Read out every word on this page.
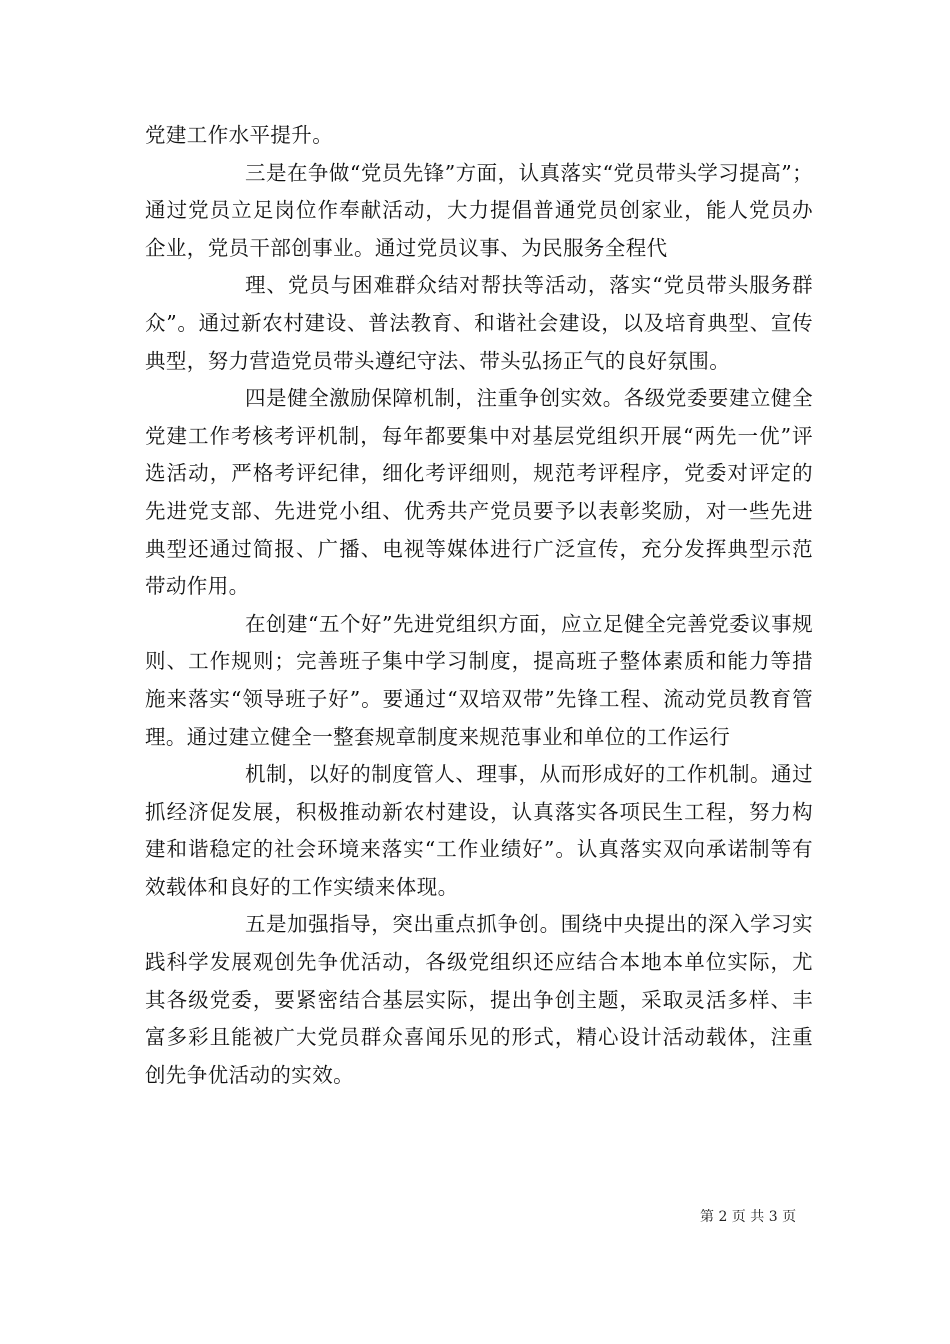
党建工作水平提升。

三是在争做“党员先锋”方面，认真落实“党员带头学习提高”；通过党员立足岗位作奉献活动，大力提倡普通党员创家业，能人党员办企业，党员干部创事业。通过党员议事、为民服务全程代

理、党员与困难群众结对帮扶等活动，落实“党员带头服务群众”。通过新农村建设、普法教育、和谐社会建设，以及培育典型、宣传典型，努力营造党员带头遵纪守法、带头弘扬正气的良好氛围。

四是健全激励保障机制，注重争创实效。各级党委要建立健全党建工作考核考评机制，每年都要集中对基层党组织开展“两先一优”评选活动，严格考评纪律，细化考评细则，规范考评程序，党委对评定的先进党支部、先进党小组、优秀共产党员要予以表彰奖励，对一些先进典型还通过简报、广播、电视等媒体进行广泛宣传，充分发挥典型示范带动作用。

在创建“五个好”先进党组织方面，应立足健全完善党委议事规则、工作规则；完善班子集中学习制度，提高班子整体素质和能力等措施来落实“领导班子好”。要通过“双培双带”先锋工程、流动党员教育管理。通过建立健全一整套规章制度来规范事业和单位的工作运行

机制，以好的制度管人、理事，从而形成好的工作机制。通过抓经济促发展，积极推动新农村建设，认真落实各项民生工程，努力构建和谐稳定的社会环境来落实“工作业绩好”。认真落实双向承诺制等有效载体和良好的工作实绩来体现。

五是加强指导，突出重点抓争创。围绕中央提出的深入学习实践科学发展观创先争优活动，各级党组织还应结合本地本单位实际，尤其各级党委，要紧密结合基层实际，提出争创主题，采取灵活多样、丰富多彩且能被广大党员群众喜闻乐见的形式，精心设计活动载体，注重创先争优活动的实效。

第 2 页 共 3 页
